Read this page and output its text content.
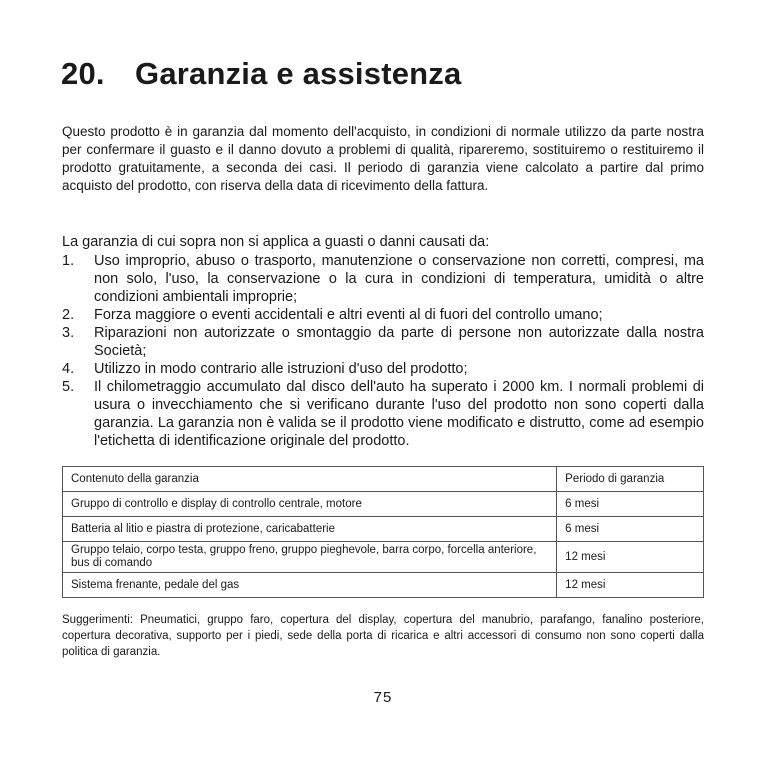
20. Garanzia e assistenza

Questo prodotto è in garanzia dal momento dell'acquisto, in condizioni di normale utilizzo da parte nostra per confermare il guasto e il danno dovuto a problemi di qualità, ripareremo, sostituiremo o restituiremo il prodotto gratuitamente, a seconda dei casi. Il periodo di garanzia viene calcolato a partire dal primo acquisto del prodotto, con riserva della data di ricevimento della fattura.

La garanzia di cui sopra non si applica a guasti o danni causati da:

1.	Uso improprio, abuso o trasporto, manutenzione o conservazione non corretti, compresi, ma non solo, l'uso, la conservazione o la cura in condizioni di temperatura, umidità o altre condizioni ambientali improprie;
2.	Forza maggiore o eventi accidentali e altri eventi al di fuori del controllo umano;
3.	Riparazioni non autorizzate o smontaggio da parte di persone non autorizzate dalla nostra Società;
4.	Utilizzo in modo contrario alle istruzioni d'uso del prodotto;
5.	Il chilometraggio accumulato dal disco dell'auto ha superato i 2000 km. I normali problemi di usura o invecchiamento che si verificano durante l'uso del prodotto non sono coperti dalla garanzia. La garanzia non è valida se il prodotto viene modificato e distrutto, come ad esempio l'etichetta di identificazione originale del prodotto.
Contenuto della garanzia	Periodo di garanzia
Gruppo di controllo e display di controllo centrale, motore	6 mesi
Batteria al litio e piastra di protezione, caricabatterie	6 mesi
Gruppo telaio, corpo testa, gruppo freno, gruppo pieghevole, barra corpo, forcella anteriore, bus di comando	12 mesi
Sistema frenante, pedale del gas	12 mesi

Suggerimenti: Pneumatici, gruppo faro, copertura del display, copertura del manubrio, parafango, fanalino posteriore, copertura decorativa, supporto per i piedi, sede della porta di ricarica e altri accessori di consumo non sono coperti dalla politica di garanzia.

75
